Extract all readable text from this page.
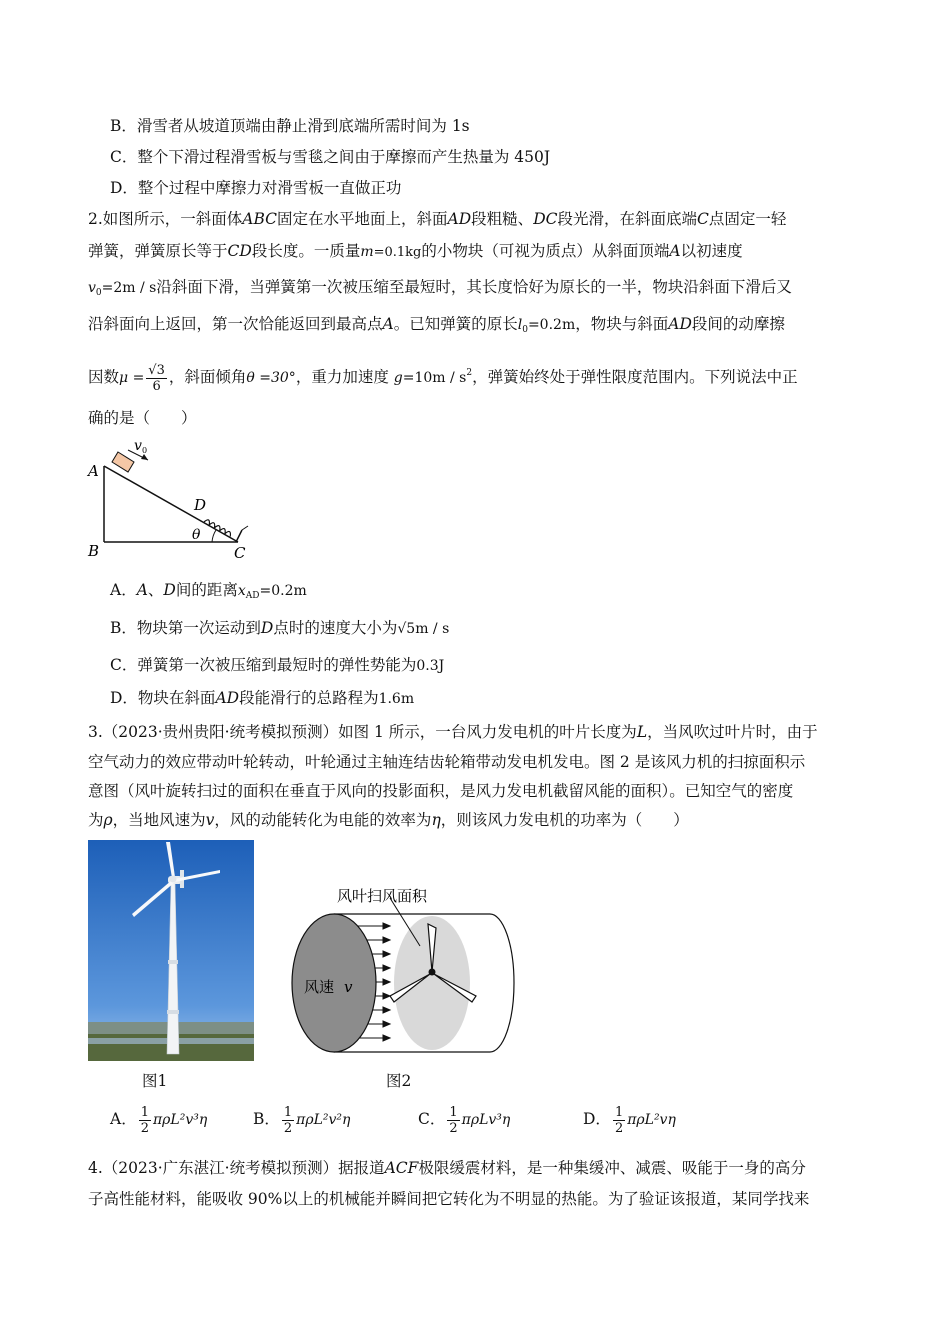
B．滑雪者从坡道顶端由静止滑到底端所需时间为 1s
C．整个下滑过程滑雪板与雪毯之间由于摩擦而产生热量为 450J
D．整个过程中摩擦力对滑雪板一直做正功
2.如图所示，一斜面体ABC固定在水平地面上，斜面AD段粗糙、DC段光滑，在斜面底端C点固定一轻
弹簧，弹簧原长等于CD段长度。一质量m=0.1kg的小物块（可视为质点）从斜面顶端A以初速度
$v_0=2m / s$沿斜面下滑，当弹簧第一次被压缩至最短时，其长度恰好为原长的一半，物块沿斜面下滑后又
沿斜面向上返回，第一次恰能返回到最高点A。已知弹簧的原长$l_0=0.2m$，物块与斜面AD段间的动摩擦
因数$\mu = \frac{√3}{6}$ ，斜面倾角θ =30°，重力加速度 $g=10m / s^2$，弹簧始终处于弹性限度范围内。下列说法中正
确的是（　　）
v 0
A
B	C
D
θ
A．A、D间的距离$x_{AD}=0.2m$
B．物块第一次运动到D点时的速度大小为√5m / s
C．弹簧第一次被压缩到最短时的弹性势能为0.3J
D．物块在斜面AD段能滑行的总路程为1.6m
3.（2023·贵州贵阳·统考模拟预测）如图 1 所示，一台风力发电机的叶片长度为L，当风吹过叶片时，由于
空气动力的效应带动叶轮转动，叶轮通过主轴连结齿轮箱带动发电机发电。图 2 是该风力机的扫掠面积示
意图（风叶旋转扫过的面积在垂直于风向的投影面积，是风力发电机截留风能的面积）。已知空气的密度
为ρ，当地风速为v，风的动能转化为电能的效率为η，则该风力发电机的功率为（　　）
图1
风叶扫风面积
风速 v
图2
A． $\frac{1}{2} \pi\rho L^2v^3\eta$	B． $\frac{1}{2} \pi\rho L^2v^2\eta$	C． $\frac{1}{2} \pi\rho Lv^3\eta$	D． $\frac{1}{2} \pi\rho L^2v\eta$
4.（2023·广东湛江·统考模拟预测）据报道ACF极限缓震材料，是一种集缓冲、减震、吸能于一身的高分
子高性能材料，能吸收 90%以上的机械能并瞬间把它转化为不明显的热能。为了验证该报道，某同学找来
